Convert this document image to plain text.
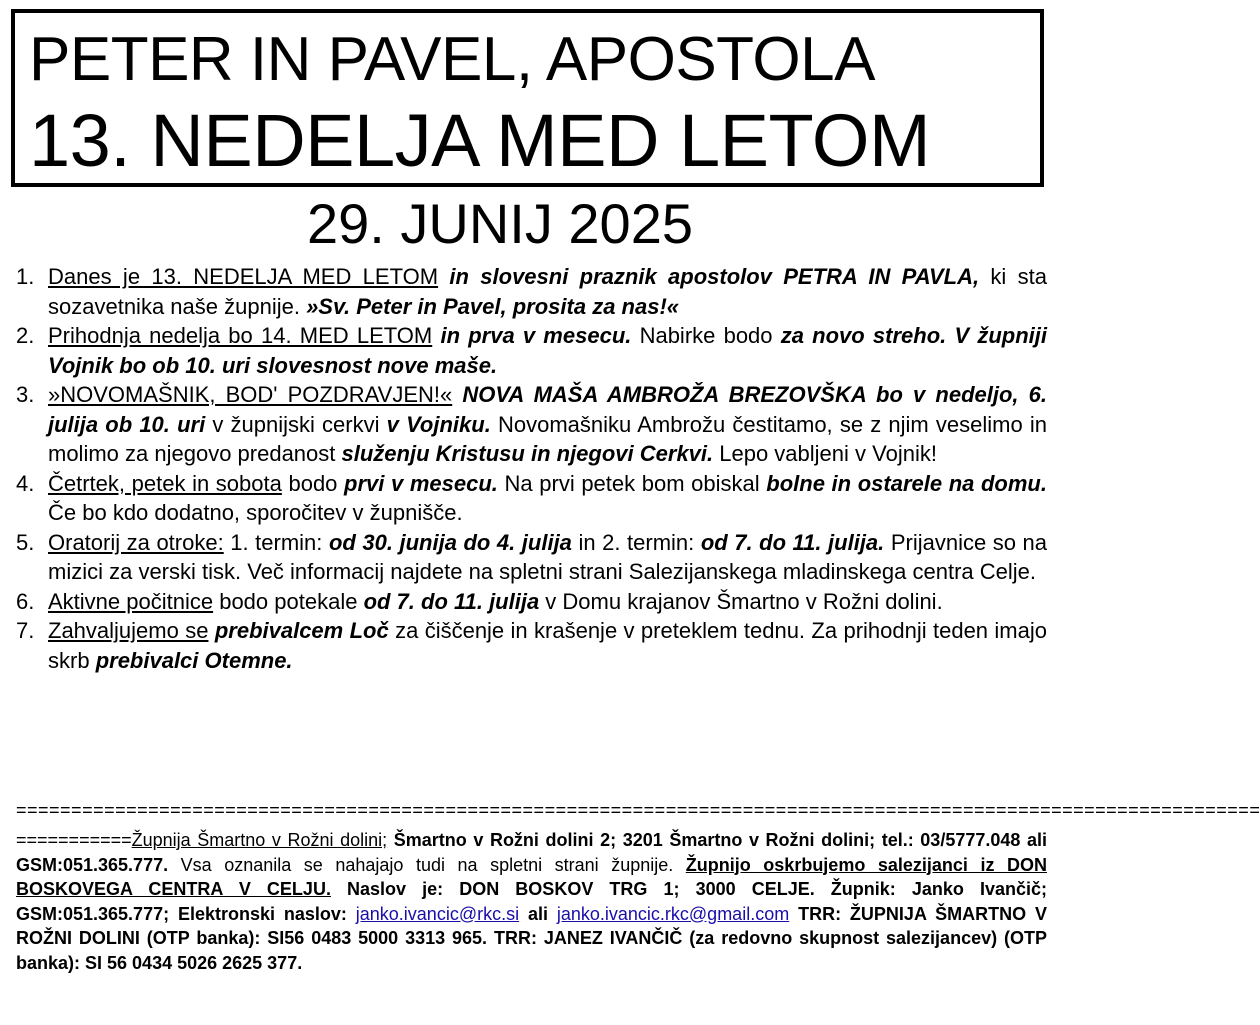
PETER IN PAVEL, APOSTOLA
13. NEDELJA MED LETOM
29. JUNIJ 2025
1. Danes je 13. NEDELJA MED LETOM in slovesni praznik apostolov PETRA IN PAVLA, ki sta sozavetnika naše župnije. »Sv. Peter in Pavel, prosita za nas!«
2. Prihodnja nedelja bo 14. MED LETOM in prva v mesecu. Nabirke bodo za novo streho. V župniji Vojnik bo ob 10. uri slovesnost nove maše.
3. »NOVOMAŠNIK, BOD' POZDRAVJEN!« NOVA MAŠA AMBROŽA BREZOVŠKA bo v nedeljo, 6. julija ob 10. uri v župnijski cerkvi v Vojniku. Novomašniku Ambrožu čestitamo, se z njim veselimo in molimo za njegovo predanost služenju Kristusu in njegovi Cerkvi. Lepo vabljeni v Vojnik!
4. Četrtek, petek in sobota bodo prvi v mesecu. Na prvi petek bom obiskal bolne in ostarele na domu. Če bo kdo dodatno, sporočitev v župnišče.
5. Oratorij za otroke: 1. termin: od 30. junija do 4. julija in 2. termin: od 7. do 11. julija. Prijavnice so na mizici za verski tisk. Več informacij najdete na spletni strani Salezijanskega mladinskega centra Celje.
6. Aktivne počitnice bodo potekale od 7. do 11. julija v Domu krajanov Šmartno v Rožni dolini.
7. Zahvaljujemo se prebivalcem Loč za čiščenje in krašenje v preteklem tednu. Za prihodnji teden imajo skrb prebivalci Otemne.
=================================================================================================================
===========Župnija Šmartno v Rožni dolini; Šmartno v Rožni dolini 2; 3201 Šmartno v Rožni dolini; tel.: 03/5777.048 ali GSM:051.365.777. Vsa oznanila se nahajajo tudi na spletni strani župnije. Župnijo oskrbujemo salezijanci iz DON BOSKOVEGA CENTRA V CELJU. Naslov je: DON BOSKOV TRG 1; 3000 CELJE. Župnik: Janko Ivančič; GSM:051.365.777; Elektronski naslov: janko.ivancic@rkc.si ali janko.ivancic.rkc@gmail.com TRR: ŽUPNIJA ŠMARTNO V ROŽNI DOLINI (OTP banka): SI56 0483 5000 3313 965. TRR: JANEZ IVANČIČ (za redovno skupnost salezijancev) (OTP banka): SI 56 0434 5026 2625 377.
